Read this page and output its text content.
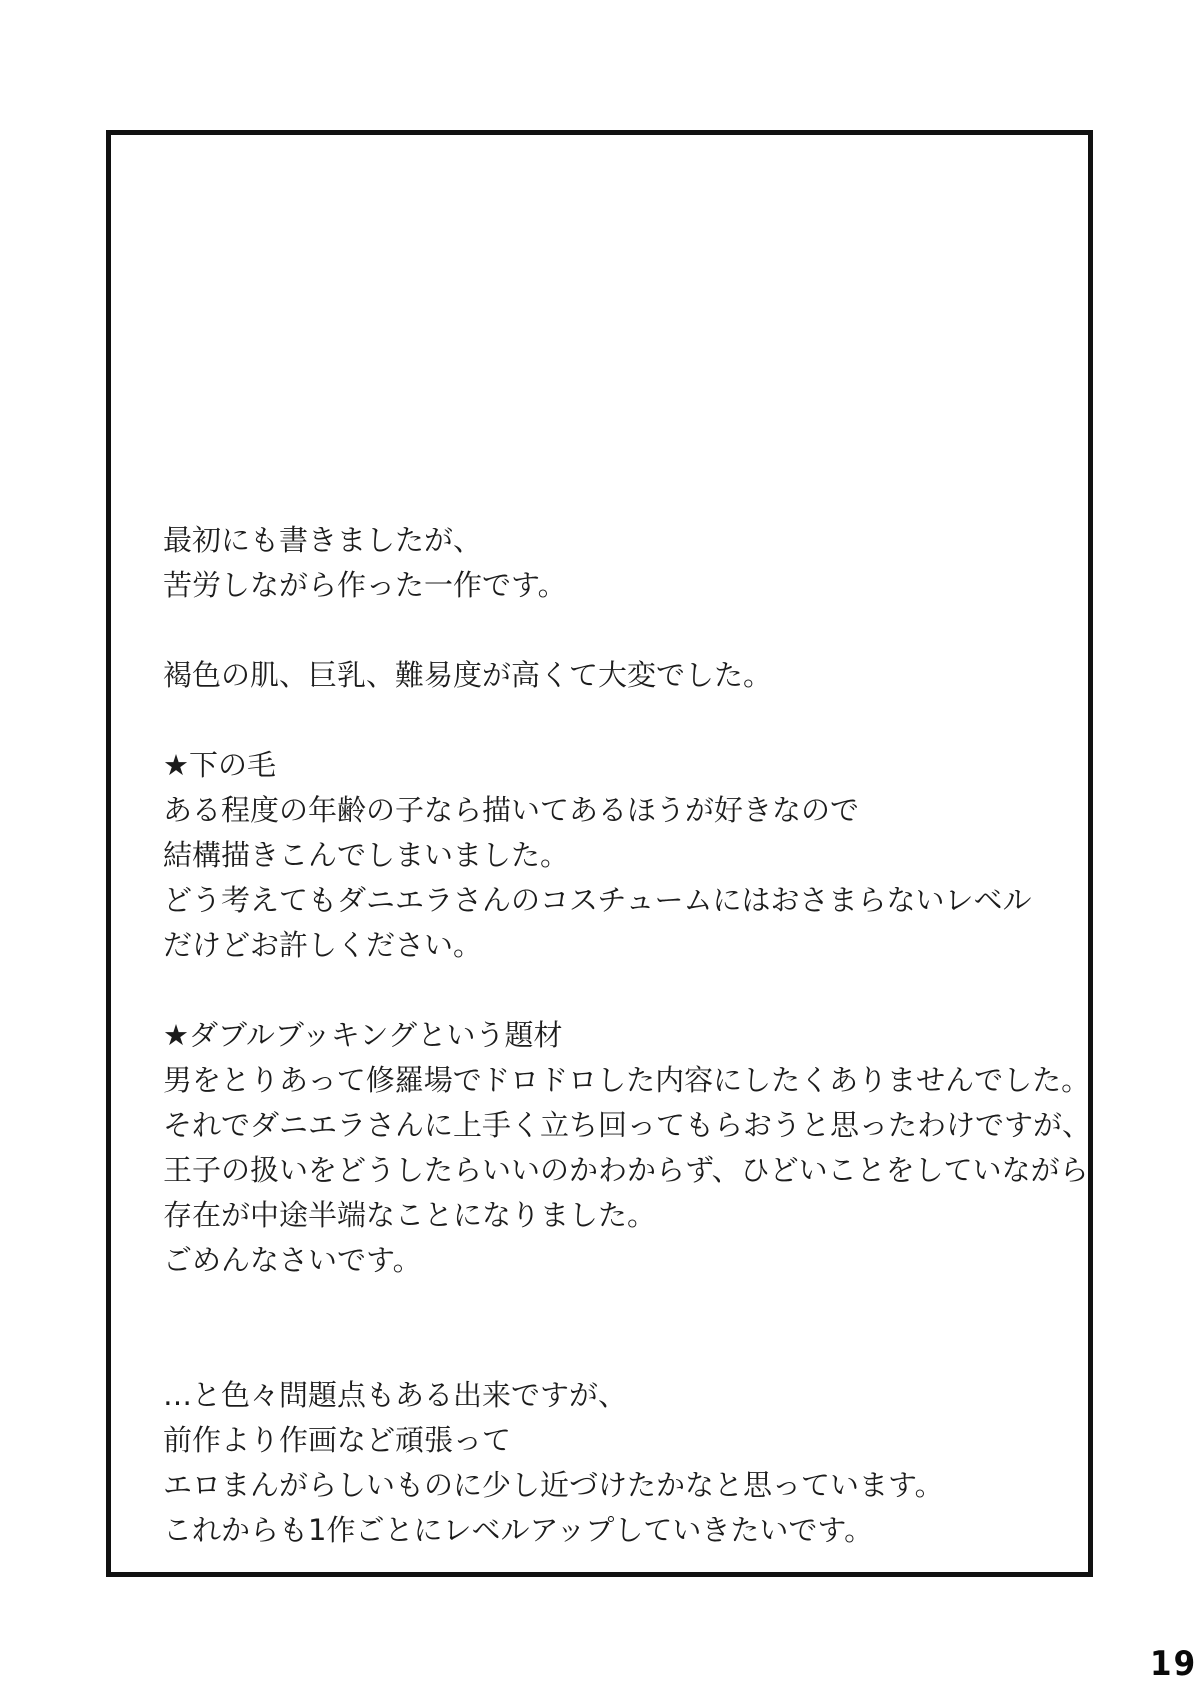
最初にも書きましたが、
苦労しながら作った一作です。
褐色の肌、巨乳、難易度が高くて大変でした。
★下の毛
ある程度の年齢の子なら描いてあるほうが好きなので
結構描きこんでしまいました。
どう考えてもダニエラさんのコスチュームにはおさまらないレベル
だけどお許しください。
★ダブルブッキングという題材
男をとりあって修羅場でドロドロした内容にしたくありませんでした。
それでダニエラさんに上手く立ち回ってもらおうと思ったわけですが、
王子の扱いをどうしたらいいのかわからず、ひどいことをしていながら
存在が中途半端なことになりました。
ごめんなさいです。
…と色々問題点もある出来ですが、
前作より作画など頑張って
エロまんがらしいものに少し近づけたかなと思っています。
これからも1作ごとにレベルアップしていきたいです。
19
